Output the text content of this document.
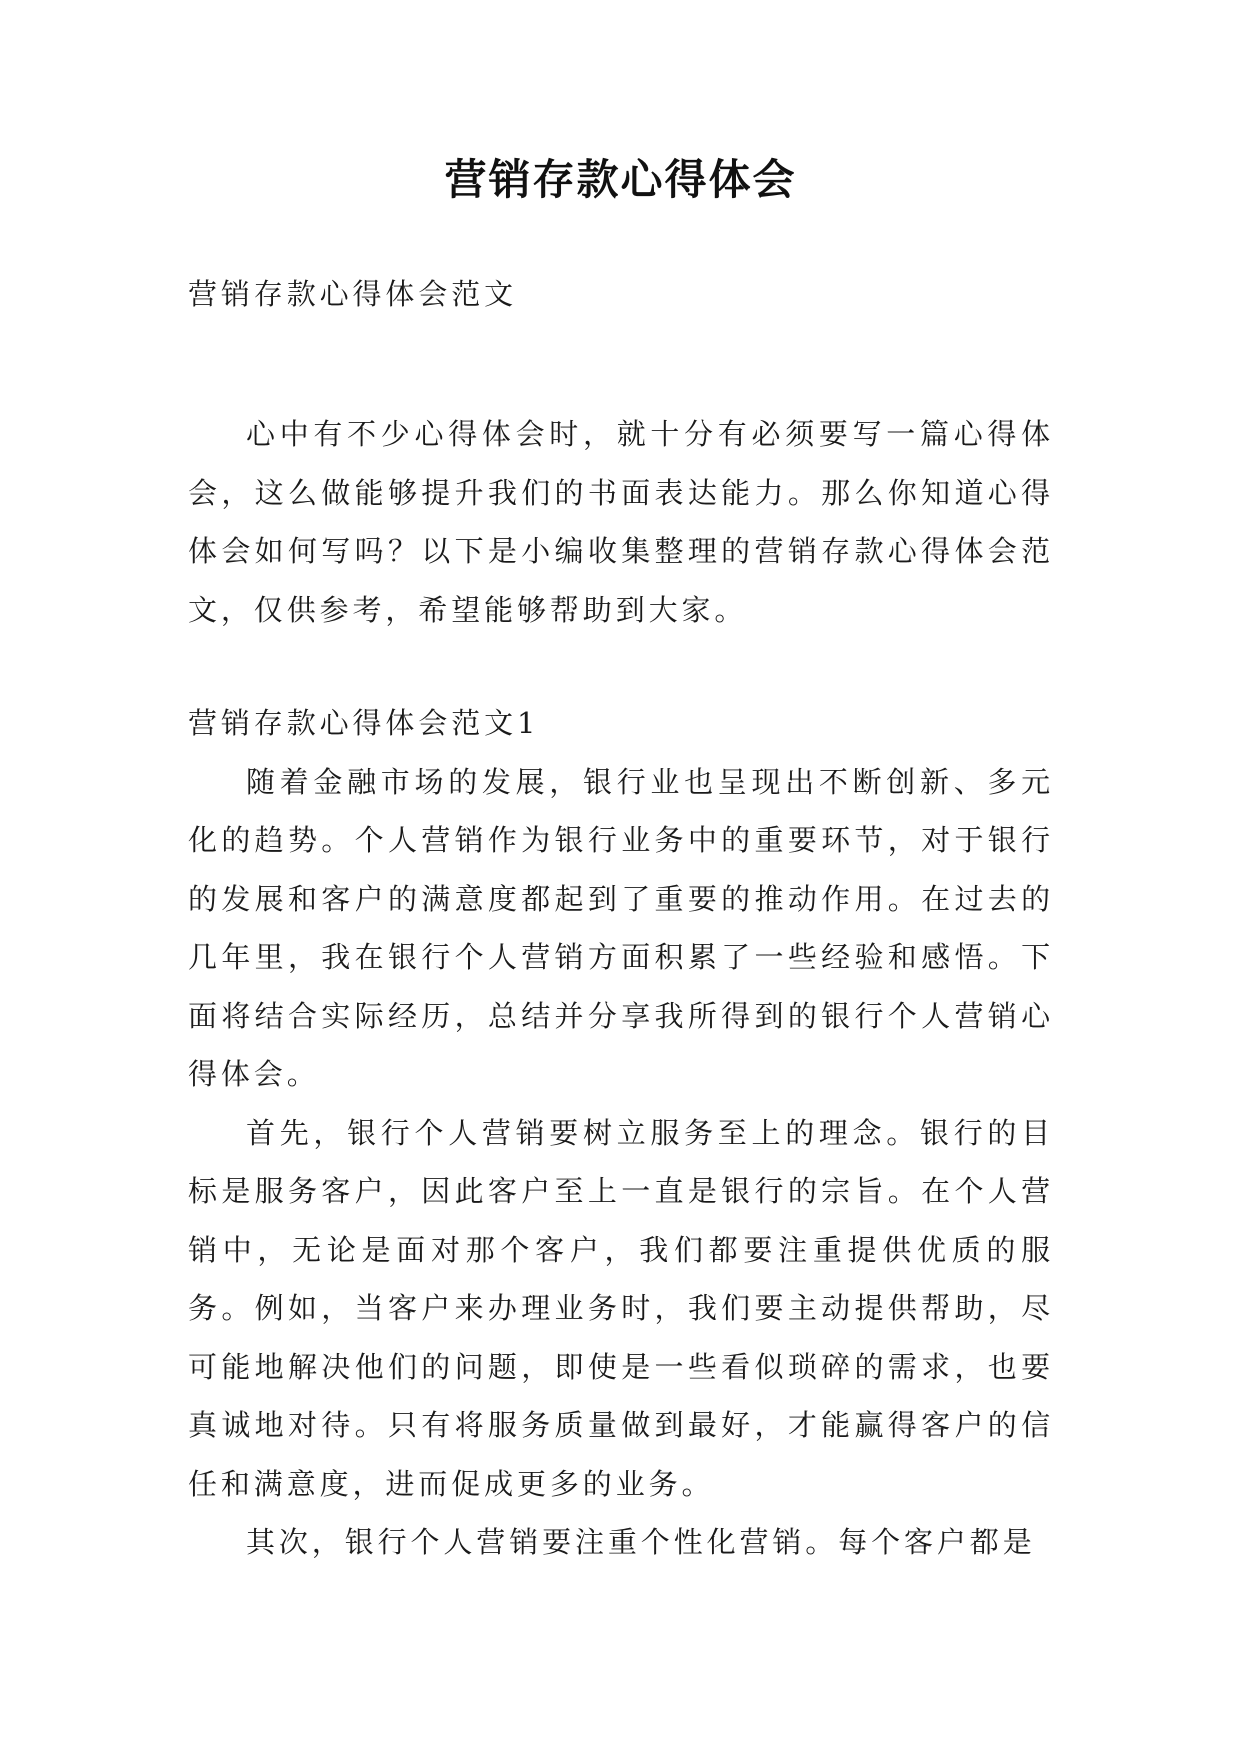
营销存款心得体会

营销存款心得体会范文

心中有不少心得体会时，就十分有必须要写一篇心得体会，这么做能够提升我们的书面表达能力。那么你知道心得体会如何写吗？以下是小编收集整理的营销存款心得体会范文，仅供参考，希望能够帮助到大家。

营销存款心得体会范文1

随着金融市场的发展，银行业也呈现出不断创新、多元化的趋势。个人营销作为银行业务中的重要环节，对于银行的发展和客户的满意度都起到了重要的推动作用。在过去的几年里，我在银行个人营销方面积累了一些经验和感悟。下面将结合实际经历，总结并分享我所得到的银行个人营销心得体会。

首先，银行个人营销要树立服务至上的理念。银行的目标是服务客户，因此客户至上一直是银行的宗旨。在个人营销中，无论是面对那个客户，我们都要注重提供优质的服务。例如，当客户来办理业务时，我们要主动提供帮助，尽可能地解决他们的问题，即使是一些看似琐碎的需求，也要真诚地对待。只有将服务质量做到最好，才能赢得客户的信任和满意度，进而促成更多的业务。

其次，银行个人营销要注重个性化营销。每个客户都是
